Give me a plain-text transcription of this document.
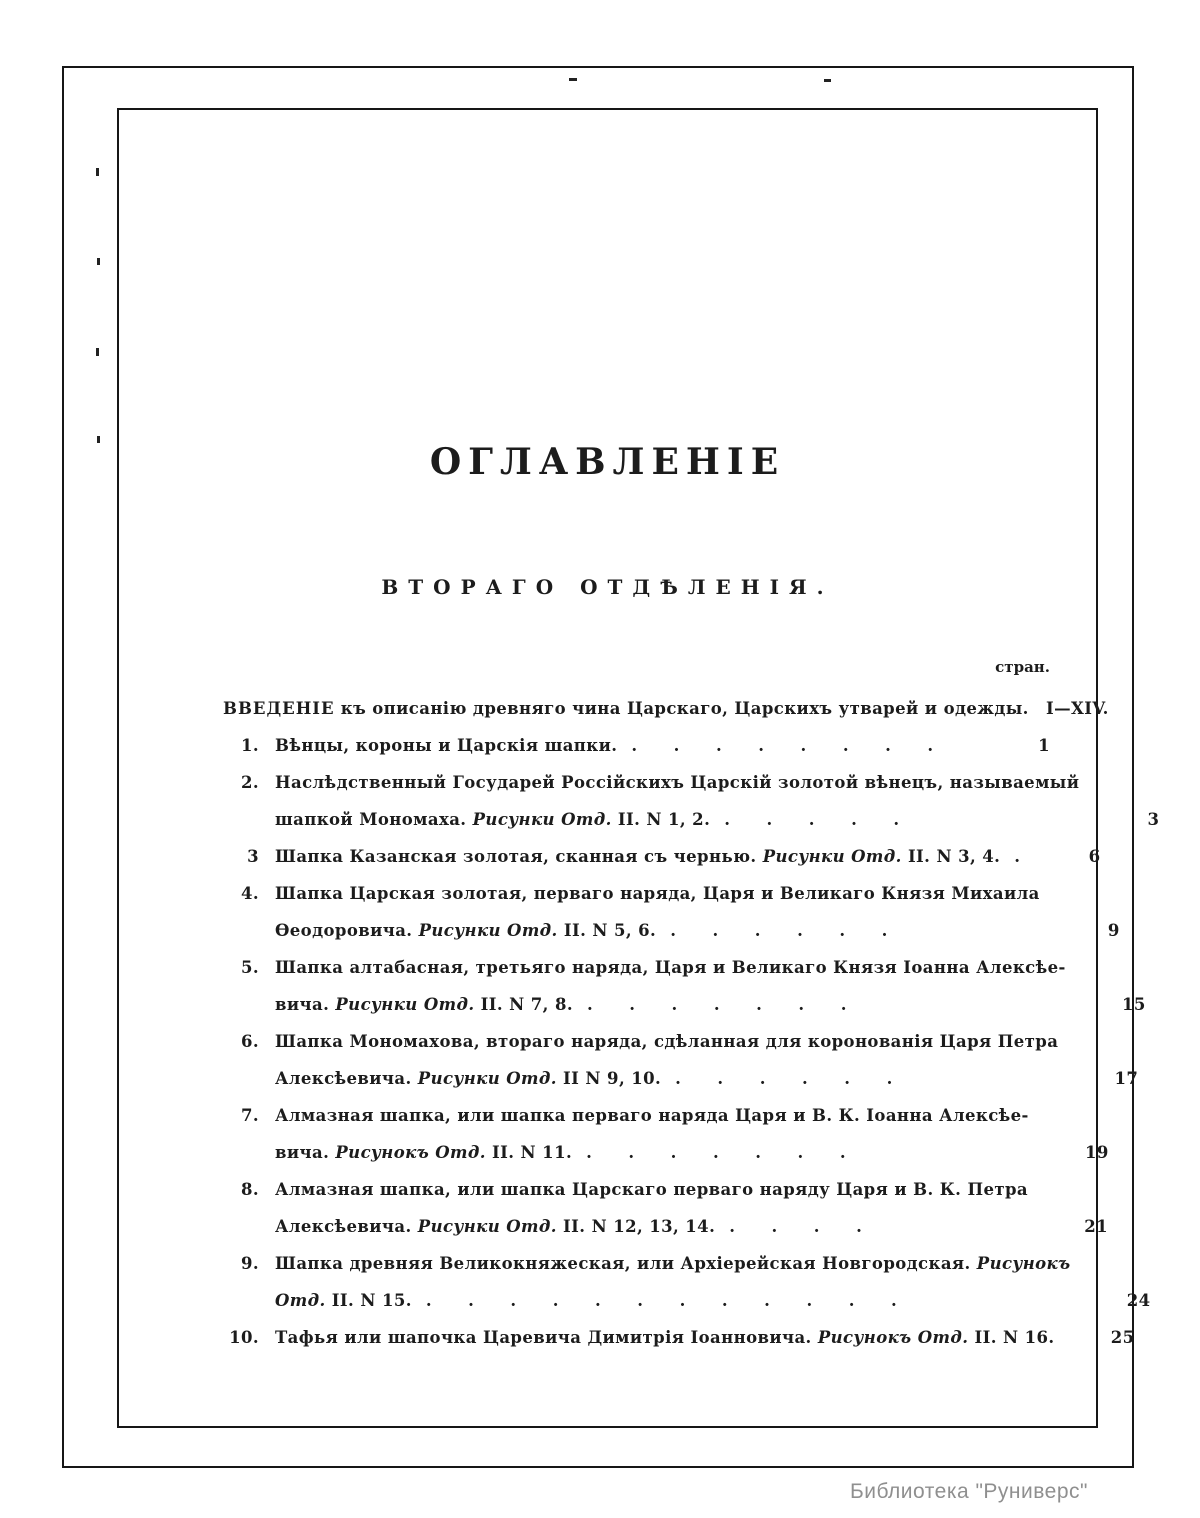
ОГЛАВЛЕНІЕ
ВТОРАГО ОТДѢЛЕНІЯ.
стран.
ВВЕДЕНІЕ къ описанію древняго чина Царскаго, Царскихъ утварей и одежды. I—XIV.
1. Вѣнцы, короны и Царскія шапки. . . . . . . . .	1
2. Наслѣдственный Государей Россійскихъ Царскій золотой вѣнецъ, называемый
шапкой Мономаха. Рисунки Отд. II. N 1, 2. . . . . .	3
3 Шапка Казанская золотая, сканная съ чернью. Рисунки Отд. II. N 3, 4. .	6
4. Шапка Царская золотая, перваго наряда, Царя и Великаго Князя Михаила
Ѳеодоровича. Рисунки Отд. II. N 5, 6. . . . . . .	9
5. Шапка алтабасная, третьяго наряда, Царя и Великаго Князя Іоанна Алексѣе-
вича. Рисунки Отд. II. N 7, 8. . . . . . . .	15
6. Шапка Мономахова, втораго наряда, сдѣланная для коронованія Царя Петра
Алексѣевича. Рисунки Отд. II N 9, 10. . . . . . .	17
7. Алмазная шапка, или шапка перваго наряда Царя и В. К. Іоанна Алексѣе-
вича. Рисунокъ Отд. II. N 11. . . . . . . .	19
8. Алмазная шапка, или шапка Царскаго перваго наряду Царя и В. К. Петра
Алексѣевича. Рисунки Отд. II. N 12, 13, 14. . . . .	21
9. Шапка древняя Великокняжеская, или Архіерейская Новгородская. Рисунокъ
Отд. II. N 15. . . . . . . . . . . . .	24
10. Тафья или шапочка Царевича Димитрія Іоанновича. Рисунокъ Отд. II. N 16.	25
Библиотека "Руниверс"
